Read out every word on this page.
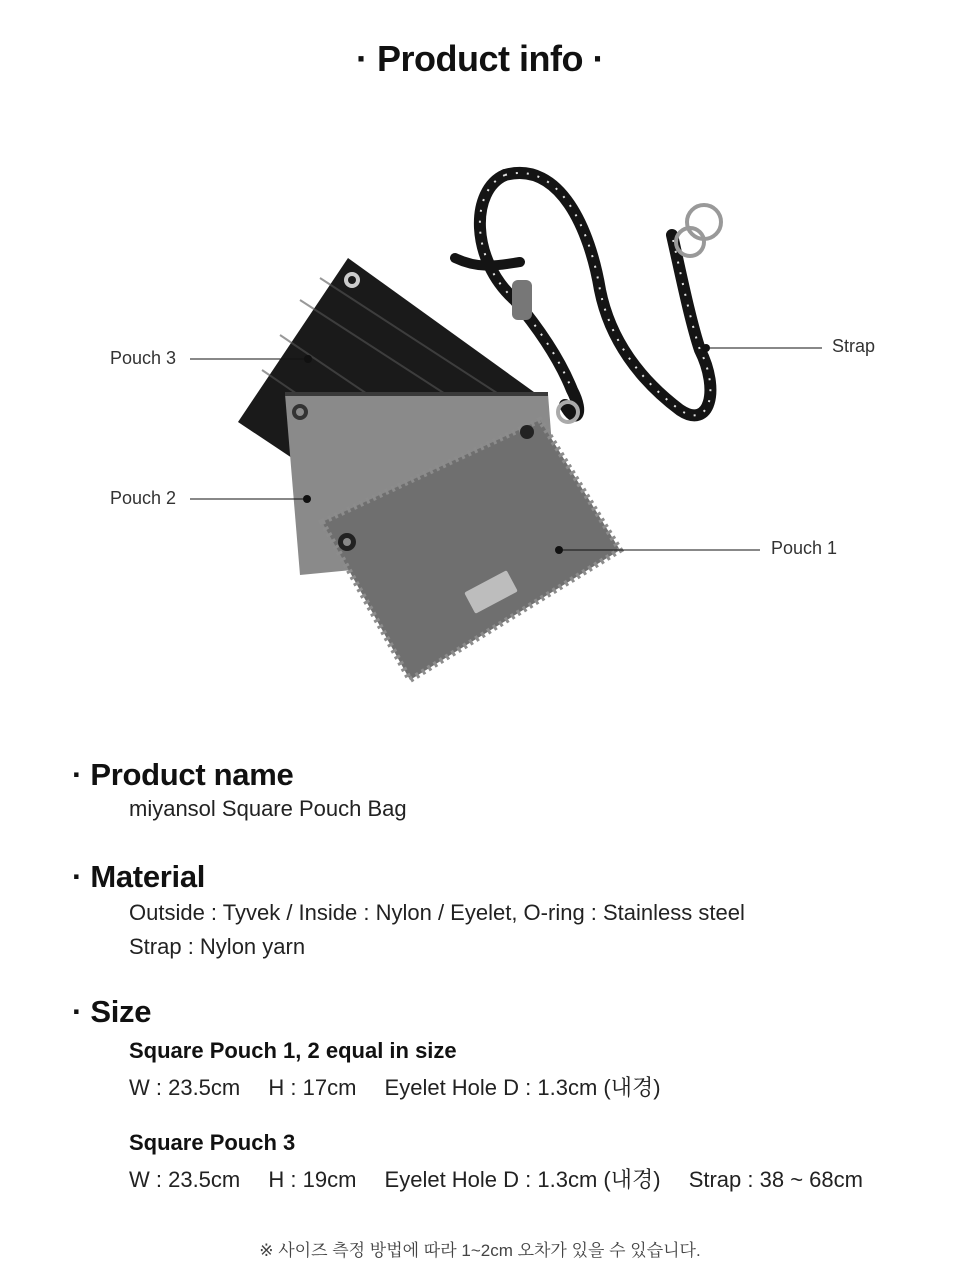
· Product info ·
Pouch 3
Pouch 2
Pouch 1
Strap
· Product name
miyansol Square Pouch Bag
· Material
Outside : Tyvek / Inside : Nylon / Eyelet, O-ring : Stainless steel
Strap : Nylon yarn
· Size
Square Pouch 1, 2 equal in size
W : 23.5cm H : 17cm Eyelet Hole D : 1.3cm (내경)
Square Pouch 3
W : 23.5cm H : 19cm Eyelet Hole D : 1.3cm (내경) Strap : 38 ~ 68cm
※ 사이즈 측정 방법에 따라 1~2cm 오차가 있을 수 있습니다.
